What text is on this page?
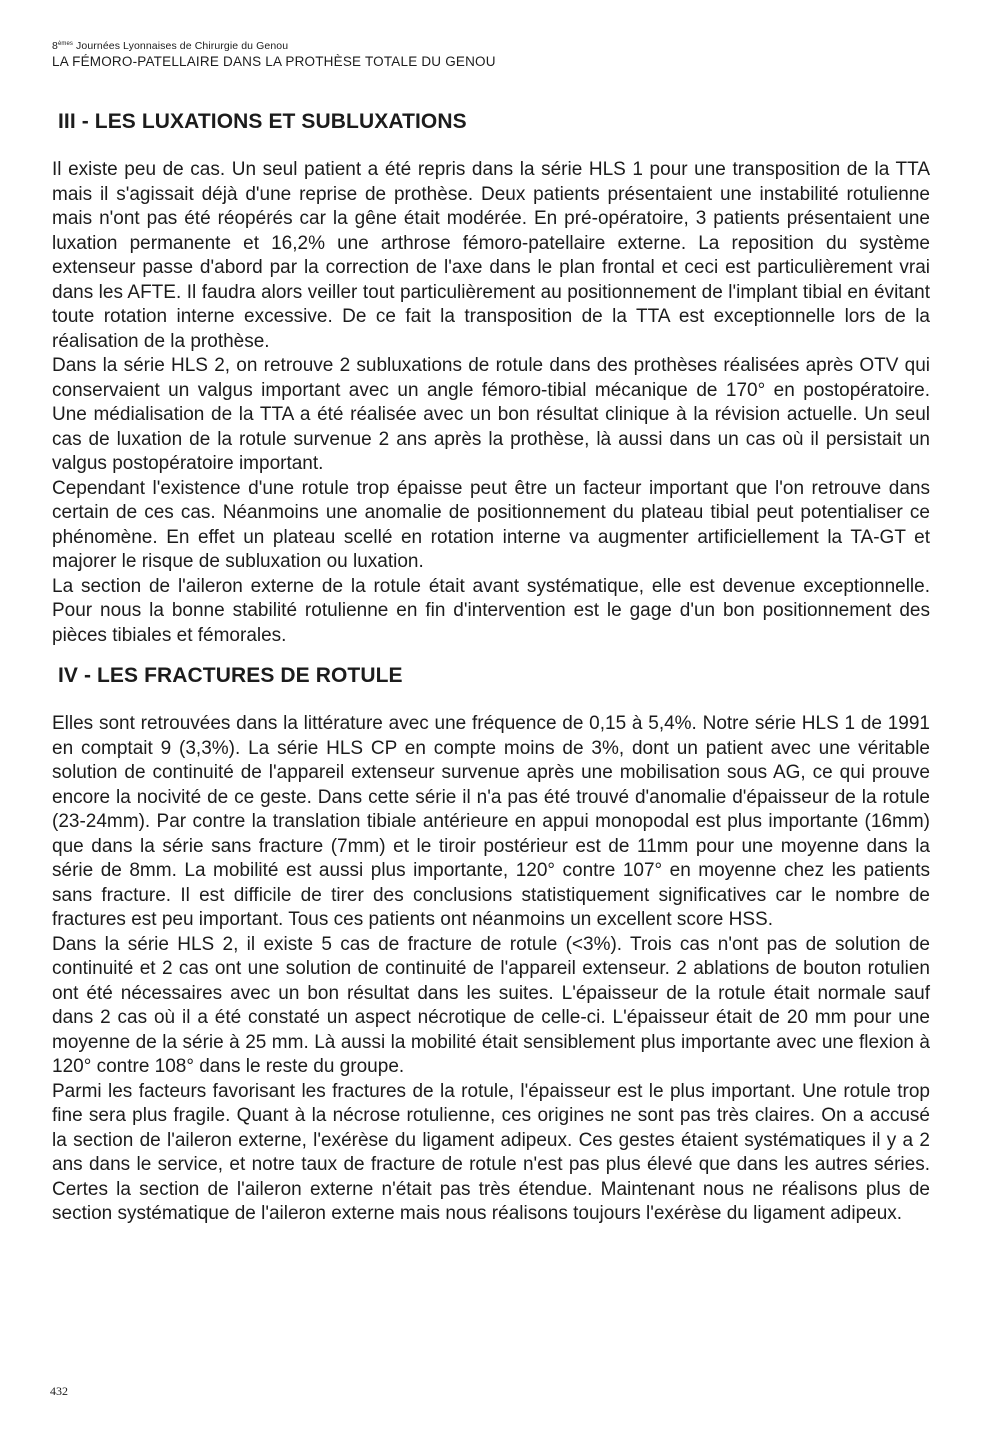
8èmes Journées Lyonnaises de Chirurgie du Genou
LA FÉMORO-PATELLAIRE DANS LA PROTHÈSE TOTALE DU GENOU
III - LES LUXATIONS ET SUBLUXATIONS

Il existe peu de cas. Un seul patient a été repris dans la série HLS 1 pour une transposition de la TTA mais il s'agissait déjà d'une reprise de prothèse. Deux patients présentaient une instabilité rotulienne mais n'ont pas été réopérés car la gêne était modérée. En pré-opératoire, 3 patients présentaient une luxation permanente et 16,2% une arthrose fémoro-patellaire externe. La reposition du système extenseur passe d'abord par la correction de l'axe dans le plan frontal et ceci est particulièrement vrai dans les AFTE. Il faudra alors veiller tout particulièrement au positionnement de l'implant tibial en évitant toute rotation interne excessive. De ce fait la transposition de la TTA est exceptionnelle lors de la réalisation de la prothèse.

Dans la série HLS 2, on retrouve 2 subluxations de rotule dans des prothèses réalisées après OTV qui conservaient un valgus important avec un angle fémoro-tibial mécanique de 170° en postopératoire. Une médialisation de la TTA a été réalisée avec un bon résultat clinique à la révision actuelle. Un seul cas de luxation de la rotule survenue 2 ans après la prothèse, là aussi dans un cas où il persistait un valgus postopératoire important.

Cependant l'existence d'une rotule trop épaisse peut être un facteur important que l'on retrouve dans certain de ces cas. Néanmoins une anomalie de positionnement du plateau tibial peut potentialiser ce phénomène. En effet un plateau scellé en rotation interne va augmenter artificiellement la TA-GT et majorer le risque de subluxation ou luxation.

La section de l'aileron externe de la rotule était avant systématique, elle est devenue exceptionnelle. Pour nous la bonne stabilité rotulienne en fin d'intervention est le gage d'un bon positionnement des pièces tibiales et fémorales.

IV - LES FRACTURES DE ROTULE

Elles sont retrouvées dans la littérature avec une fréquence de 0,15 à 5,4%. Notre série HLS 1 de 1991 en comptait 9 (3,3%). La série HLS CP en compte moins de 3%, dont un patient avec une véritable solution de continuité de l'appareil extenseur survenue après une mobilisation sous AG, ce qui prouve encore la nocivité de ce geste. Dans cette série il n'a pas été trouvé d'anomalie d'épaisseur de la rotule (23-24mm). Par contre la translation tibiale antérieure en appui monopodal est plus importante (16mm) que dans la série sans fracture (7mm) et le tiroir postérieur est de 11mm pour une moyenne dans la série de 8mm. La mobilité est aussi plus importante, 120° contre 107° en moyenne chez les patients sans fracture. Il est difficile de tirer des conclusions statistiquement significatives car le nombre de fractures est peu important. Tous ces patients ont néanmoins un excellent score HSS.

Dans la série HLS 2, il existe 5 cas de fracture de rotule (<3%). Trois cas n'ont pas de solution de continuité et 2 cas ont une solution de continuité de l'appareil extenseur. 2 ablations de bouton rotulien ont été nécessaires avec un bon résultat dans les suites. L'épaisseur de la rotule était normale sauf dans 2 cas où il a été constaté un aspect nécrotique de celle-ci. L'épaisseur était de 20 mm pour une moyenne de la série à 25 mm. Là aussi la mobilité était sensiblement plus importante avec une flexion à 120° contre 108° dans le reste du groupe.

Parmi les facteurs favorisant les fractures de la rotule, l'épaisseur est le plus important. Une rotule trop fine sera plus fragile. Quant à la nécrose rotulienne, ces origines ne sont pas très claires. On a accusé la section de l'aileron externe, l'exérèse du ligament adipeux. Ces gestes étaient systématiques il y a 2 ans dans le service, et notre taux de fracture de rotule n'est pas plus élevé que dans les autres séries. Certes la section de l'aileron externe n'était pas très étendue. Maintenant nous ne réalisons plus de section systématique de l'aileron externe mais nous réalisons toujours l'exérèse du ligament adipeux.

432
